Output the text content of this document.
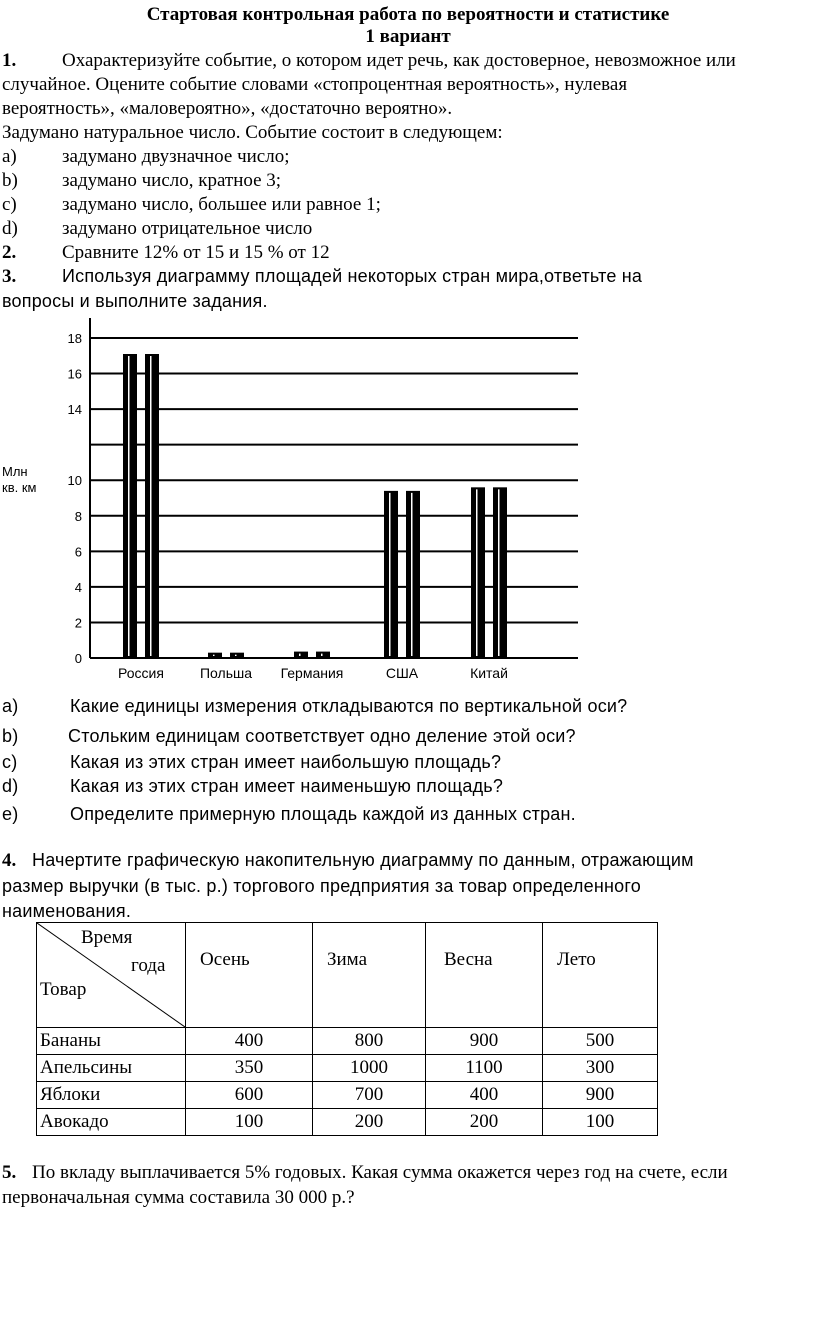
Стартовая контрольная работа по вероятности и статистике
1 вариант
1. Охарактеризуйте событие, о котором идет речь, как достоверное, невозможное или
случайное. Оцените событие словами «стопроцентная вероятность», нулевая
вероятность», «маловероятно», «достаточно вероятно».
Задумано натуральное число. Событие состоит в следующем:
a) задумано двузначное число;
b) задумано число, кратное 3;
c) задумано число, большее или равное 1;
d) задумано отрицательное число
2. Сравните 12% от 15 и 15 % от 12
3.	Используя диаграмму площадей некоторых стран мира,ответьте на
вопросы и выполните задания.
0
2
4
6
8
10
14
16
18
Млн
кв. км
Россия	Польша Германия	США	Китай
a)	Какие единицы измерения откладываются по вертикальной оси?
b)	Стольким единицам соответствует одно деление этой оси?
c)	Какая из этих стран имеет наибольшую площадь?
d)	Какая из этих стран имеет наименьшую площадь?
e)	Определите примерную площадь каждой из данных стран.
4. Начертите графическую накопительную диаграмму по данным, отражающим
размер выручки (в тыс. р.) торгового предприятия за товар определенного
наименования.
Время
года
Товар	Осень	Зима	Весна	Лето
Бананы	400	800	900	500
Апельсины	350	1000	1100	300
Яблоки	600	700	400	900
Авокадо	100	200	200	100
5. По вкладу выплачивается 5% годовых. Какая сумма окажется через год на счете, если
первоначальная сумма составила 30 000 р.?
